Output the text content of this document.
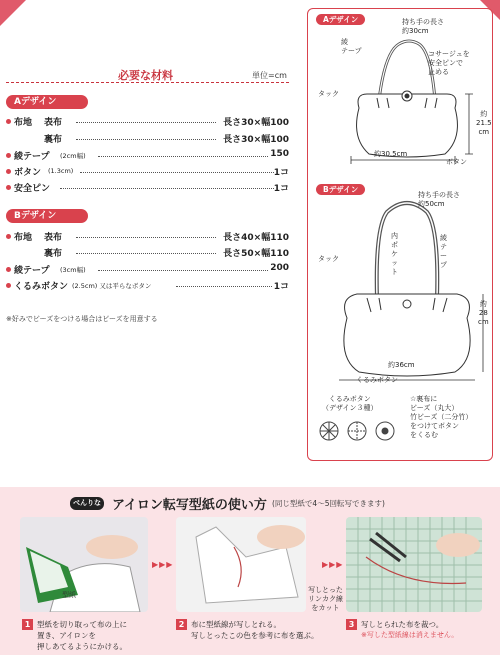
必要な材料	単位=cm
Aデザイン
布地 表布	長さ30×幅100
裏布	長さ30×幅100
綾テープ (2cm幅)	150
ボタン (1.3cm)	1コ
安全ピン	1コ
Bデザイン
布地 表布	長さ40×幅110
裏布	長さ50×幅110
綾テープ (3cm幅)	200
くるみボタン (2.5cm) 又は平らなボタン	1コ
※好みでビーズをつける場合はビーズを用意する
Aデザイン	持ち手の長さ
約30cm
綾
テープ	コサージュを
安全ピンで
止める
タック
約
21.5
cm
約30.5cm
ボタン
Bデザイン
持ち手の長さ
約50cm
内
ポ
ケ
ッ
ト
綾
テ
ー
プ
タック
約
28
cm
約36cm
くるみボタン
くるみボタン
（デザイン３種）
☆裏布に
ビーズ（丸大）
竹ビーズ（二分竹）
をつけてボタン
をくるむ
べんりな アイロン転写型紙の使い方 (同じ型紙で4〜5回転写できます)
型紙
▶▶▶
写しとった
リンカク線
をカット
▶▶▶
1 型紙を切り取って布の上に
置き、アイロンを
押しあてるようにかける。
2 布に型紙線が写しとれる。
写しとったこの色を参考に布を選ぶ。
3 写しとられた布を裁つ。
※写した型紙線は消えません。
